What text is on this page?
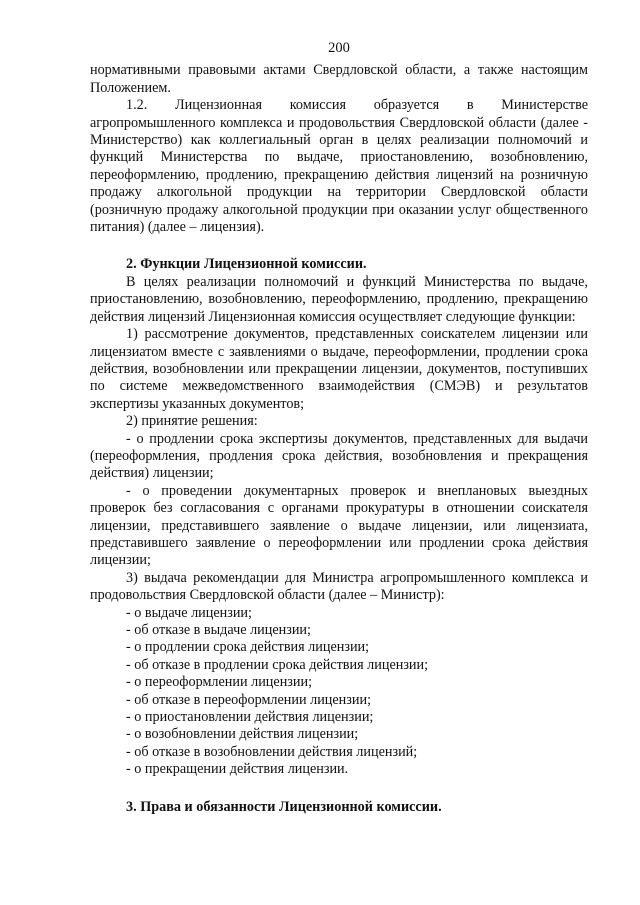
200

нормативными правовыми актами Свердловской области, а также настоящим Положением.

1.2. Лицензионная комиссия образуется в Министерстве агропромышленного комплекса и продовольствия Свердловской области (далее - Министерство) как коллегиальный орган в целях реализации полномочий и функций Министерства по выдаче, приостановлению, возобновлению, переоформлению, продлению, прекращению действия лицензий на розничную продажу алкогольной продукции на территории Свердловской области (розничную продажу алкогольной продукции при оказании услуг общественного питания) (далее – лицензия).

2. Функции Лицензионной комиссии.

В целях реализации полномочий и функций Министерства по выдаче, приостановлению, возобновлению, переоформлению, продлению, прекращению действия лицензий Лицензионная комиссия осуществляет следующие функции:

1) рассмотрение документов, представленных соискателем лицензии или лицензиатом вместе с заявлениями о выдаче, переоформлении, продлении срока действия, возобновлении или прекращении лицензии, документов, поступивших по системе межведомственного взаимодействия (СМЭВ) и результатов экспертизы указанных документов;

2) принятие решения:

- о продлении срока экспертизы документов, представленных для выдачи (переоформления, продления срока действия, возобновления и прекращения действия) лицензии;

- о проведении документарных проверок и внеплановых выездных проверок без согласования с органами прокуратуры в отношении соискателя лицензии, представившего заявление о выдаче лицензии, или лицензиата, представившего заявление о переоформлении или продлении срока действия лицензии;

3) выдача рекомендации для Министра агропромышленного комплекса и продовольствия Свердловской области (далее – Министр):

- о выдаче лицензии;

- об отказе в выдаче лицензии;

- о продлении срока действия лицензии;

- об отказе в продлении срока действия лицензии;

- о переоформлении лицензии;

- об отказе в переоформлении лицензии;

- о приостановлении действия лицензии;

- о возобновлении действия лицензии;

- об отказе в возобновлении действия лицензий;

- о прекращении действия лицензии.

3. Права и обязанности Лицензионной комиссии.
